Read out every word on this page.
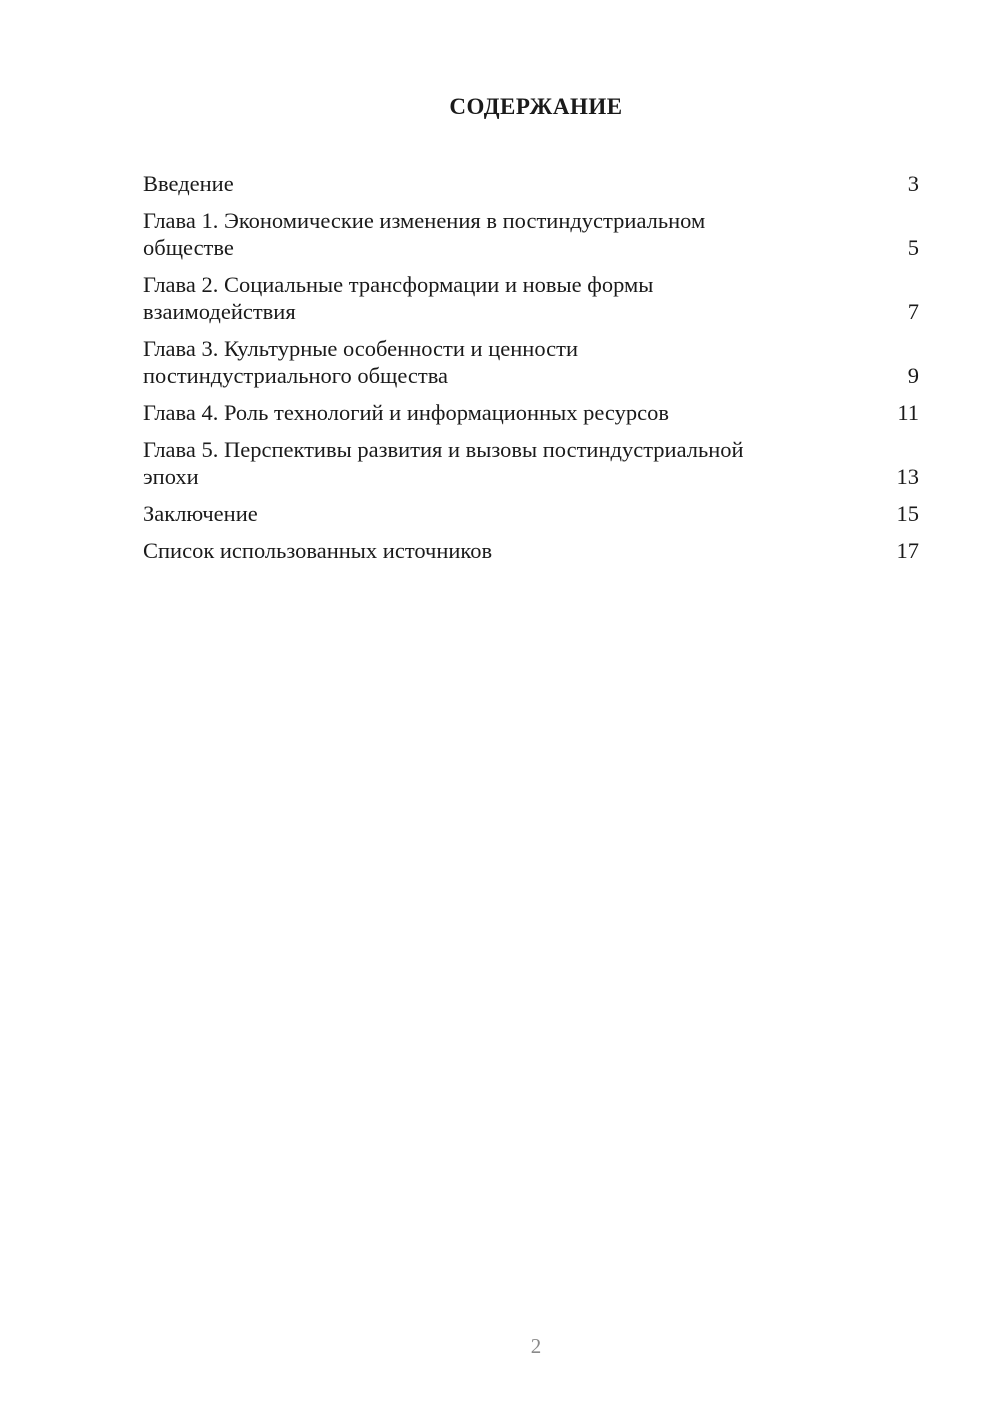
СОДЕРЖАНИЕ
Введение	3
Глава 1. Экономические изменения в постиндустриальном
обществе	5
Глава 2. Социальные трансформации и новые формы
взаимодействия	7
Глава 3. Культурные особенности и ценности
постиндустриального общества	9
Глава 4. Роль технологий и информационных ресурсов	11
Глава 5. Перспективы развития и вызовы постиндустриальной
эпохи	13
Заключение	15
Список использованных источников	17
2
